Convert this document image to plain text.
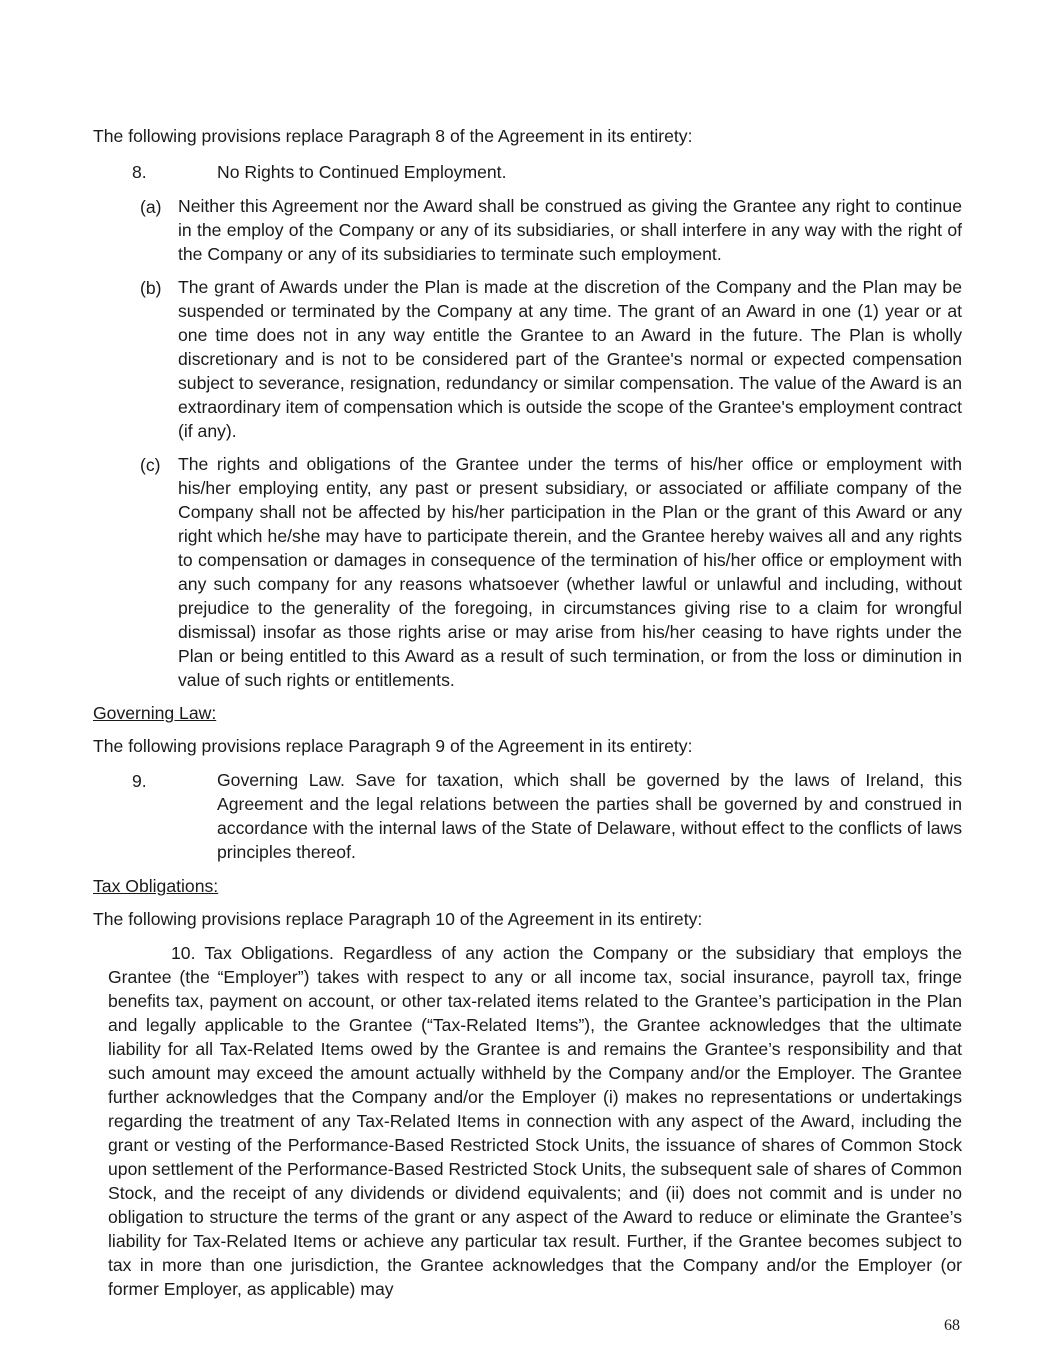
The following provisions replace Paragraph 8 of the Agreement in its entirety:

8.	No Rights to Continued Employment.
(a) Neither this Agreement nor the Award shall be construed as giving the Grantee any right to continue in the employ of the Company or any of its subsidiaries, or shall interfere in any way with the right of the Company or any of its subsidiaries to terminate such employment.

(b) The grant of Awards under the Plan is made at the discretion of the Company and the Plan may be suspended or terminated by the Company at any time. The grant of an Award in one (1) year or at one time does not in any way entitle the Grantee to an Award in the future. The Plan is wholly discretionary and is not to be considered part of the Grantee's normal or expected compensation subject to severance, resignation, redundancy or similar compensation. The value of the Award is an extraordinary item of compensation which is outside the scope of the Grantee's employment contract (if any).

(c) The rights and obligations of the Grantee under the terms of his/her office or employment with his/her employing entity, any past or present subsidiary, or associated or affiliate company of the Company shall not be affected by his/her participation in the Plan or the grant of this Award or any right which he/she may have to participate therein, and the Grantee hereby waives all and any rights to compensation or damages in consequence of the termination of his/her office or employment with any such company for any reasons whatsoever (whether lawful or unlawful and including, without prejudice to the generality of the foregoing, in circumstances giving rise to a claim for wrongful dismissal) insofar as those rights arise or may arise from his/her ceasing to have rights under the Plan or being entitled to this Award as a result of such termination, or from the loss or diminution in value of such rights or entitlements.

Governing Law:

The following provisions replace Paragraph 9 of the Agreement in its entirety:

9.	Governing Law. Save for taxation, which shall be governed by the laws of Ireland, this Agreement and the legal relations between the parties shall be governed by and construed in accordance with the internal laws of the State of Delaware, without effect to the conflicts of laws principles thereof.

Tax Obligations:

The following provisions replace Paragraph 10 of the Agreement in its entirety:

10. Tax Obligations. Regardless of any action the Company or the subsidiary that employs the Grantee (the “Employer”) takes with respect to any or all income tax, social insurance, payroll tax, fringe benefits tax, payment on account, or other tax-related items related to the Grantee’s participation in the Plan and legally applicable to the Grantee (“Tax-Related Items”), the Grantee acknowledges that the ultimate liability for all Tax-Related Items owed by the Grantee is and remains the Grantee’s responsibility and that such amount may exceed the amount actually withheld by the Company and/or the Employer. The Grantee further acknowledges that the Company and/or the Employer (i) makes no representations or undertakings regarding the treatment of any Tax-Related Items in connection with any aspect of the Award, including the grant or vesting of the Performance-Based Restricted Stock Units, the issuance of shares of Common Stock upon settlement of the Performance-Based Restricted Stock Units, the subsequent sale of shares of Common Stock, and the receipt of any dividends or dividend equivalents; and (ii) does not commit and is under no obligation to structure the terms of the grant or any aspect of the Award to reduce or eliminate the Grantee’s liability for Tax-Related Items or achieve any particular tax result. Further, if the Grantee becomes subject to tax in more than one jurisdiction, the Grantee acknowledges that the Company and/or the Employer (or former Employer, as applicable) may

68
